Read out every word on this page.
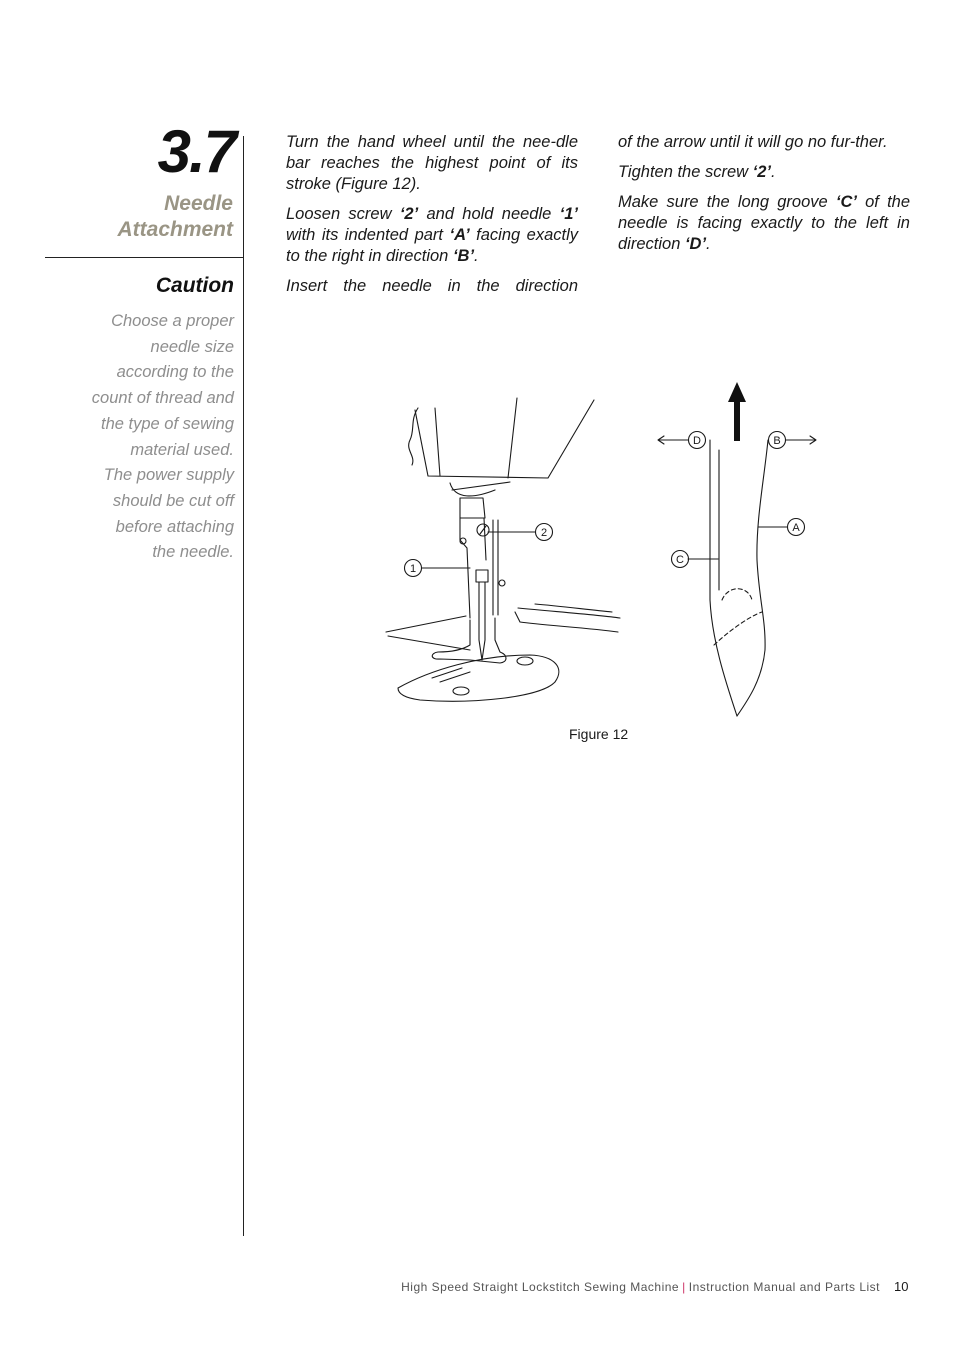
3.7
Needle
Attachment
Caution
Choose a proper
needle size
according to the
count of thread and
the type of sewing
material used.
The power supply
should be cut off
before attaching
the needle.

Turn the hand wheel until the nee-dle bar reaches the highest point of its stroke (Figure 12).

Loosen screw ‘2’ and hold needle ‘1’ with its indented part ‘A’ facing exactly to the right in direction ‘B’.

Insert the needle in the direction

of the arrow until it will go no fur-ther.

Tighten the screw ‘2’.

Make sure the long groove ‘C’ of the needle is facing exactly to the left in direction ‘D’.

1
2
D	B
A
C
Figure 12
High Speed Straight Lockstitch Sewing Machine | Instruction Manual and Parts List 10
